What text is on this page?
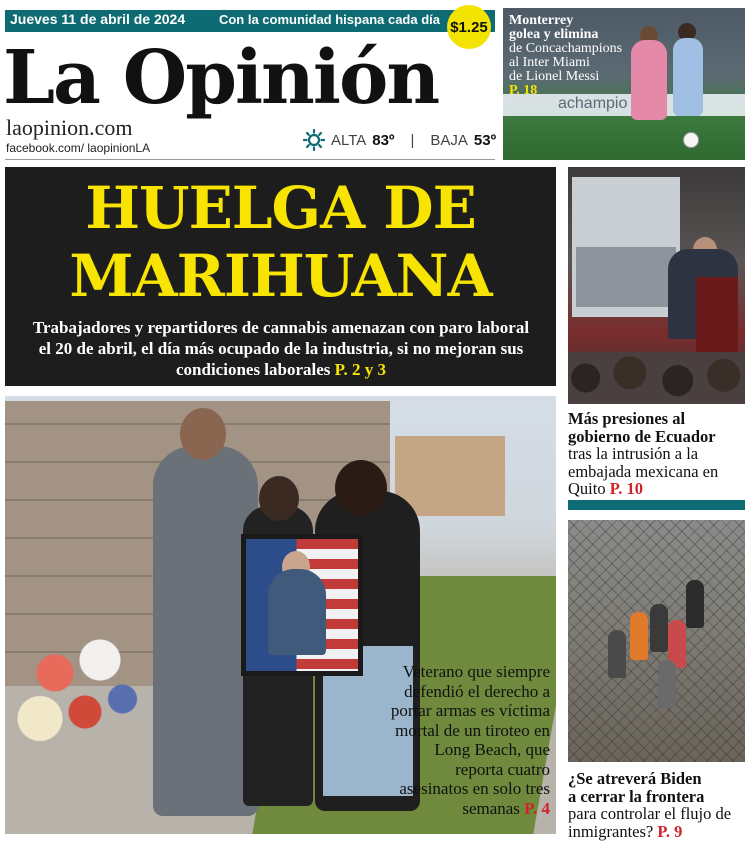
Jueves 11 de abril de 2024	Con la comunidad hispana cada día $1.25
La Opinión
laopinion.com
facebook.com/ laopinionLA	ALTA 83º | BAJA 53º
achampio
Monterrey
golea y elimina
de Concachampions
al Inter Miami
de Lionel Messi
P. 18
HUELGA DE
MARIHUANA
Trabajadores y repartidores de cannabis amenazan con paro laboral el 20 de abril, el día más ocupado de la industria, si no mejoran sus condiciones laborales P. 2 y 3
Veterano que siempre defendió el derecho a portar armas es víctima mortal de un tiroteo en Long Beach, que reporta cuatro asesinatos en solo tres semanas P. 4
Más presiones al
gobierno de Ecuador
tras la intrusión a la embajada mexicana en Quito P. 10
¿Se atreverá Biden
a cerrar la frontera
para controlar el flujo de inmigrantes? P. 9
